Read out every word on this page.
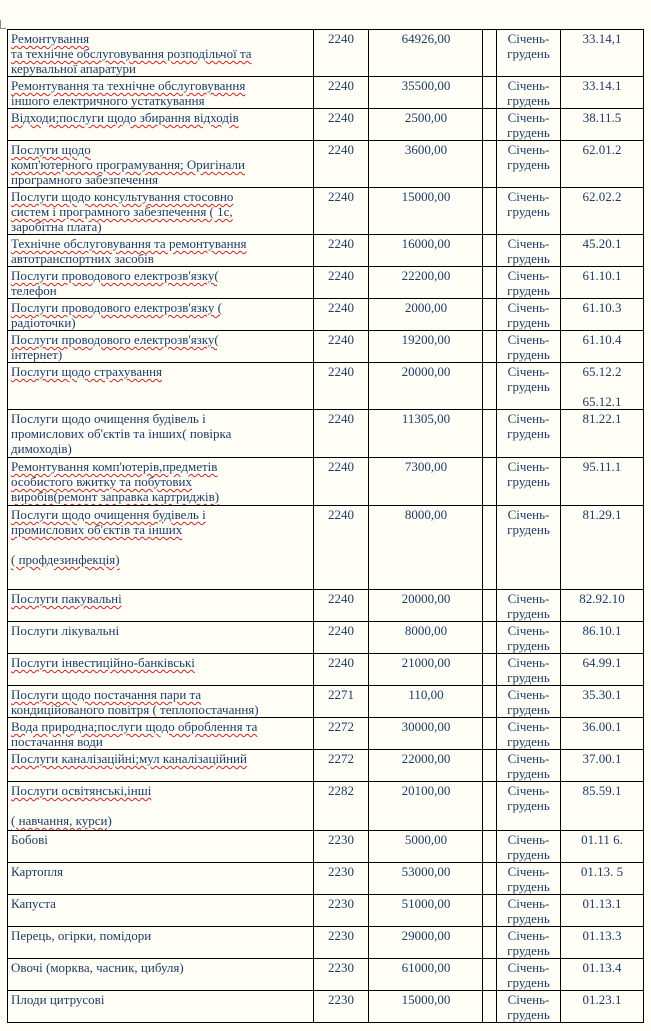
Ремонтування
та технічне обслуговування розподільчої та
керувальної апаратури	2240	64926,00		Січень-
грудень	33.14,1

Ремонтування та технічне обслуговування
іншого електричного устаткування	2240	35500,00		Січень-
грудень	33.14.1

Відходи;послуги щодо збирання відходів	2240	2500,00		Січень-
грудень	38.11.5

Послуги щодо
комп'ютерного програмування; Оригінали
програмного забезпечення	2240	3600,00		Січень-
грудень	62.01.2

Послуги щодо консультування стосовно
систем і програмного забезпечення ( 1с,
заробітна плата)	2240	15000,00		Січень-
грудень	62.02.2

Технічне обслуговування та ремонтування
автотранспортних засобів	2240	16000,00		Січень-
грудень	45.20.1

Послуги проводового електрозв'язку(
телефон	2240	22200,00		Січень-
грудень	61.10.1

Послуги проводового електрозв'язку (
радіоточки)	2240	2000,00		Січень-
грудень	61.10.3

Послуги проводового електрозв'язку(
інтернет)	2240	19200,00		Січень-
грудень	61.10.4

Послуги щодо страхування	2240	20000,00		Січень-
грудень	65.12.2
65.12.1

Послуги щодо очищення будівель і
промислових об'єктів та інших( повірка
димоходів)	2240	11305,00		Січень-
грудень	81.22.1

Ремонтування комп'ютерів,предметів
особистого вжитку та побутових
виробів(ремонт заправка картриджів)	2240	7300,00		Січень-
грудень	95.11.1

Послуги щодо очищення будівель і
промислових об'єктів та інших
( профдезинфекція)	2240	8000,00		Січень-
грудень	81.29.1

Послуги пакувальні	2240	20000,00		Січень-
грудень	82.92.10

Послуги лікувальні	2240	8000,00		Січень-
грудень	86.10.1

Послуги інвестиційно-банківські	2240	21000,00		Січень-
грудень	64.99.1

Послуги щодо постачання пари та
кондиційованого повітря ( теплопостачання)	2271	110,00		Січень-
грудень	35.30.1

Вода природна;послуги щодо оброблення та
постачання води	2272	30000,00		Січень-
грудень	36.00.1

Послуги каналізаційні;мул каналізаційний	2272	22000,00		Січень-
грудень	37.00.1

Послуги освітянські,інші
( навчання, курси)	2282	20100,00		Січень-
грудень	85.59.1

Бобові	2230	5000,00		Січень-
грудень	01.11 6.

Картопля	2230	53000,00		Січень-
грудень	01.13. 5

Капуста	2230	51000,00		Січень-
грудень	01.13.1

Перець, огірки, помідори	2230	29000,00		Січень-
грудень	01.13.3

Овочі (морква, часник, цибуля)	2230	61000,00		Січень-
грудень	01.13.4

Плоди цитрусові	2230	15000,00		Січень-
грудень	01.23.1
